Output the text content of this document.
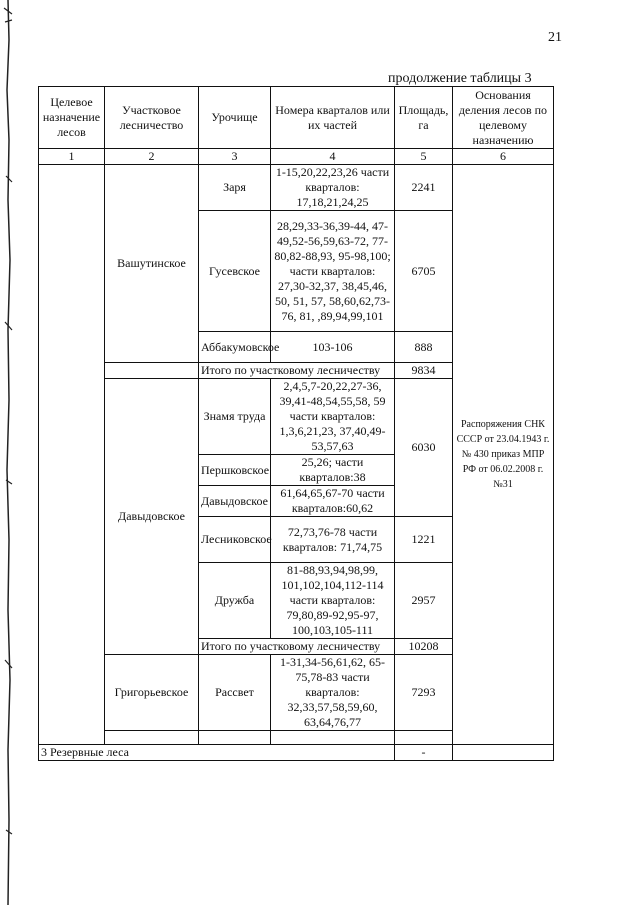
21
продолжение таблицы 3
Целевое назначение лесов	Участковое лесничество	Урочище	Номера кварталов или их частей	Площадь, га	Основания деления лесов по целевому назначению
1	2	3	4	5	6
	Вашутинское	Заря	1-15,20,22,23,26 части кварталов: 17,18,21,24,25	2241	Распоряжения СНК СССР от 23.04.1943 г. № 430 приказ МПР РФ от 06.02.2008 г. №31
		Гусевское	28,29,33-36,39-44, 47-49,52-56,59,63-72, 77-80,82-88,93, 95-98,100; части кварталов: 27,30-32,37, 38,45,46, 50, 51, 57, 58,60,62,73-76, 81, ,89,94,99,101	6705	
		Аббакумовское	103-106	888	
		Итого по участковому лесничеству		9834	
	Давыдовское	Знамя труда	2,4,5,7-20,22,27-36, 39,41-48,54,55,58, 59 части кварталов: 1,3,6,21,23, 37,40,49-53,57,63	6030	
		Першковское	25,26; части кварталов:38		
		Давыдовское	61,64,65,67-70 части кварталов:60,62		
		Лесниковское	72,73,76-78 части кварталов: 71,74,75	1221	
		Дружба	81-88,93,94,98,99, 101,102,104,112-114 части кварталов: 79,80,89-92,95-97, 100,103,105-111	2957	
		Итого по участковому лесничеству		10208	
	Григорьевское	Рассвет	1-31,34-56,61,62, 65-75,78-83 части кварталов: 32,33,57,58,59,60, 63,64,76,77	7293	

3 Резервные леса				-	
